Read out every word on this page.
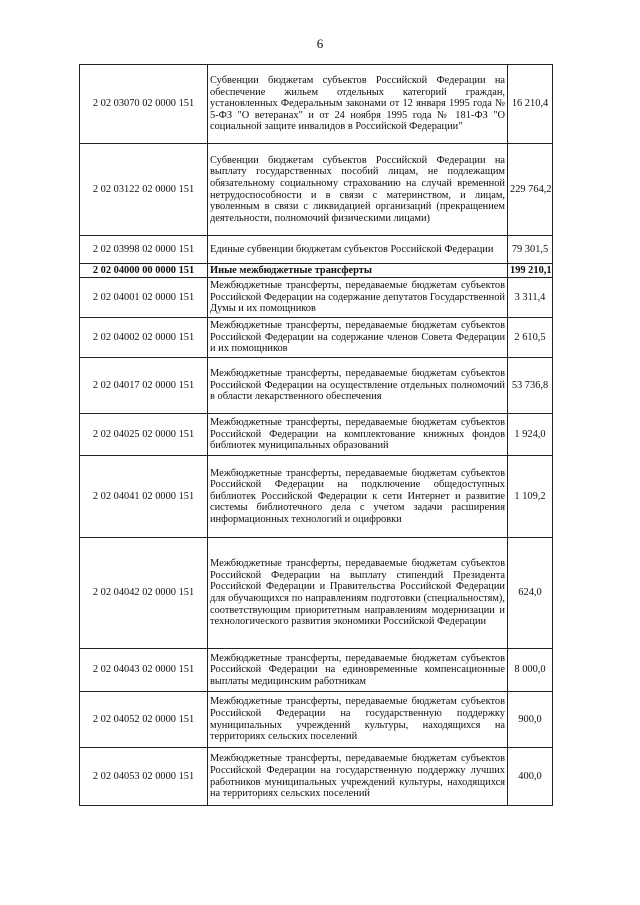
6
2 02 03070 02 0000 151	Субвенции бюджетам субъектов Российской Федерации на обеспечение жильем отдельных категорий граждан, установленных Федеральным законами от 12 января 1995 года № 5-ФЗ "О ветеранах" и от 24 ноября 1995 года № 181-ФЗ "О социальной защите инвалидов в Российской Федерации"	16 210,4
2 02 03122 02 0000 151	Субвенции бюджетам субъектов Российской Федерации на выплату государственных пособий лицам, не подлежащим обязательному социальному страхованию на случай временной нетрудоспособности и в связи с материнством, и лицам, уволенным в связи с ликвидацией организаций (прекращением деятельности, полномочий физическими лицами)	229 764,2
2 02 03998 02 0000 151	Единые субвенции бюджетам субъектов Российской Федерации	79 301,5
2 02 04000 00 0000 151	Иные межбюджетные трансферты	199 210,1
2 02 04001 02 0000 151	Межбюджетные трансферты, передаваемые бюджетам субъектов Российской Федерации на содержание депутатов Государственной Думы и их помощников	3 311,4
2 02 04002 02 0000 151	Межбюджетные трансферты, передаваемые бюджетам субъектов Российской Федерации на содержание членов Совета Федерации и их помощников	2 610,5
2 02 04017 02 0000 151	Межбюджетные трансферты, передаваемые бюджетам субъектов Российской Федерации на осуществление отдельных полномочий в области лекарственного обеспечения	53 736,8
2 02 04025 02 0000 151	Межбюджетные трансферты, передаваемые бюджетам субъектов Российской Федерации на комплектование книжных фондов библиотек муниципальных образований	1 924,0
2 02 04041 02 0000 151	Межбюджетные трансферты, передаваемые бюджетам субъектов Российской Федерации на подключение общедоступных библиотек Российской Федерации к сети Интернет и развитие системы библиотечного дела с учетом задачи расширения информационных технологий и оцифровки	1 109,2
2 02 04042 02 0000 151	Межбюджетные трансферты, передаваемые бюджетам субъектов Российской Федерации на выплату стипендий Президента Российской Федерации и Правительства Российской Федерации для обучающихся по направлениям подготовки (специальностям), соответствующим приоритетным направлениям модернизации и технологического развития экономики Российской Федерации	624,0
2 02 04043 02 0000 151	Межбюджетные трансферты, передаваемые бюджетам субъектов Российской Федерации на единовременные компенсационные выплаты медицинским работникам	8 000,0
2 02 04052 02 0000 151	Межбюджетные трансферты, передаваемые бюджетам субъектов Российской Федерации на государственную поддержку муниципальных учреждений культуры, находящихся на территориях сельских поселений	900,0
2 02 04053 02 0000 151	Межбюджетные трансферты, передаваемые бюджетам субъектов Российской Федерации на государственную поддержку лучших работников муниципальных учреждений культуры, находящихся на территориях сельских поселений	400,0
